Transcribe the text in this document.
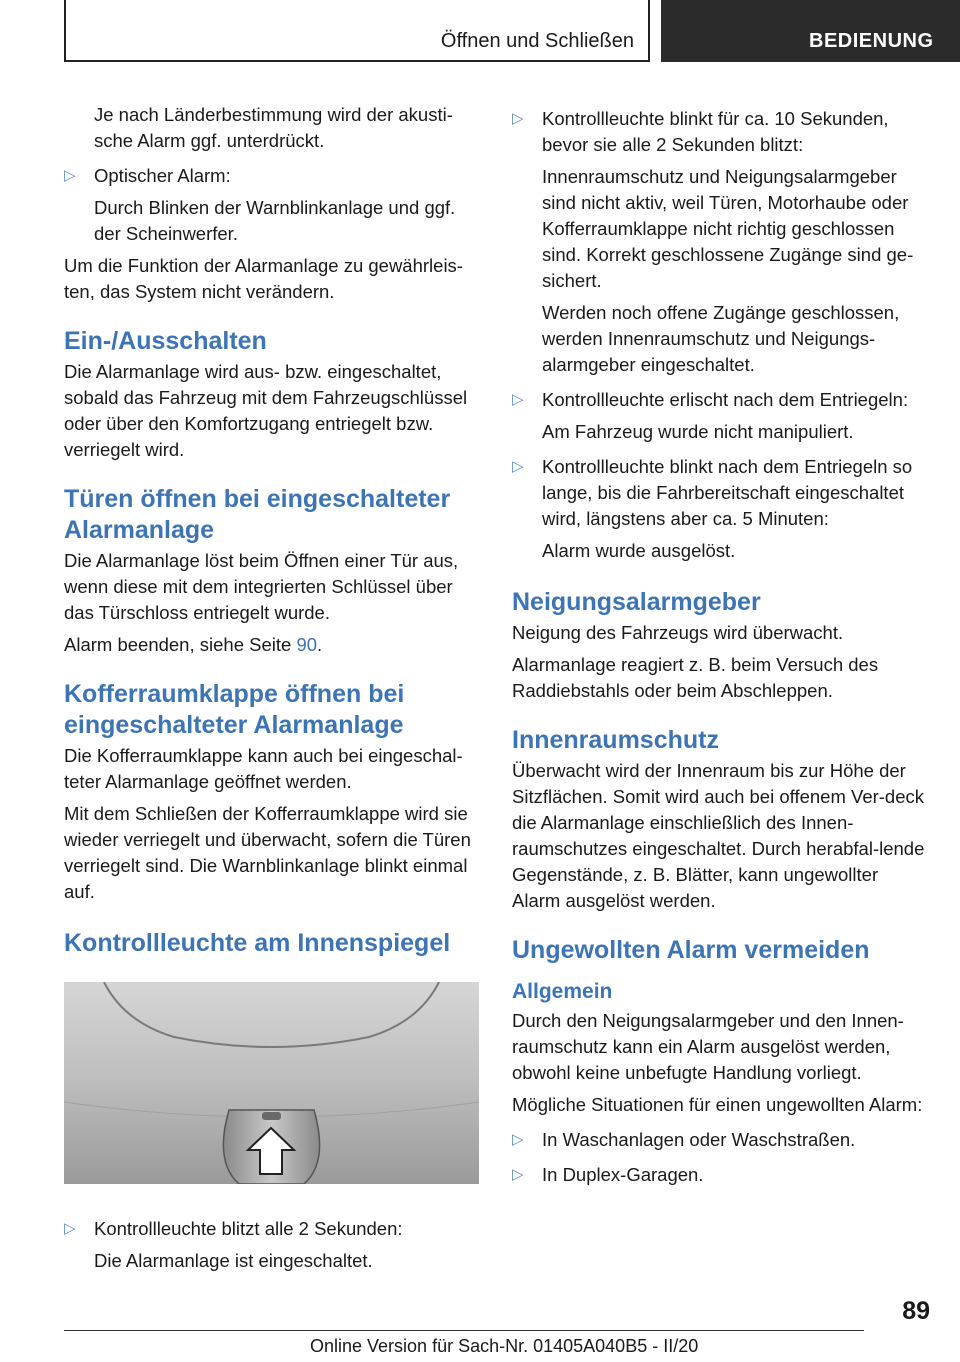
Öffnen und Schließen	BEDIENUNG

Je nach Länderbestimmung wird der akusti-
sche Alarm ggf. unterdrückt.

▷ Optischer Alarm:

Durch Blinken der Warnblinkanlage und ggf. der Scheinwerfer.

Um die Funktion der Alarmanlage zu gewährleis-ten, das System nicht verändern.

Ein-/Ausschalten

Die Alarmanlage wird aus- bzw. eingeschaltet, sobald das Fahrzeug mit dem Fahrzeugschlüssel oder über den Komfortzugang entriegelt bzw. verriegelt wird.

Türen öffnen bei eingeschalteter Alarmanlage

Die Alarmanlage löst beim Öffnen einer Tür aus, wenn diese mit dem integrierten Schlüssel über das Türschloss entriegelt wurde.

Alarm beenden, siehe Seite 90.

Kofferraumklappe öffnen bei eingeschalteter Alarmanlage

Die Kofferraumklappe kann auch bei eingeschal-teter Alarmanlage geöffnet werden.

Mit dem Schließen der Kofferraumklappe wird sie wieder verriegelt und überwacht, sofern die Türen verriegelt sind. Die Warnblinkanlage blinkt einmal auf.

Kontrollleuchte am Innenspiegel

▷ Kontrollleuchte blitzt alle 2 Sekunden:

Die Alarmanlage ist eingeschaltet.

▷ Kontrollleuchte blinkt für ca. 10 Sekunden, bevor sie alle 2 Sekunden blitzt:

Innenraumschutz und Neigungsalarmgeber sind nicht aktiv, weil Türen, Motorhaube oder Kofferraumklappe nicht richtig geschlossen sind. Korrekt geschlossene Zugänge sind ge-sichert.

Werden noch offene Zugänge geschlossen, werden Innenraumschutz und Neigungs-alarmgeber eingeschaltet.

▷ Kontrollleuchte erlischt nach dem Entriegeln:

Am Fahrzeug wurde nicht manipuliert.

▷ Kontrollleuchte blinkt nach dem Entriegeln so lange, bis die Fahrbereitschaft eingeschaltet wird, längstens aber ca. 5 Minuten:

Alarm wurde ausgelöst.

Neigungsalarmgeber

Neigung des Fahrzeugs wird überwacht.

Alarmanlage reagiert z. B. beim Versuch des Raddiebstahls oder beim Abschleppen.

Innenraumschutz

Überwacht wird der Innenraum bis zur Höhe der Sitzflächen. Somit wird auch bei offenem Ver-deck die Alarmanlage einschließlich des Innen-raumschutzes eingeschaltet. Durch herabfal-lende Gegenstände, z. B. Blätter, kann ungewollter Alarm ausgelöst werden.

Ungewollten Alarm vermeiden

Allgemein

Durch den Neigungsalarmgeber und den Innen-raumschutz kann ein Alarm ausgelöst werden, obwohl keine unbefugte Handlung vorliegt.

Mögliche Situationen für einen ungewollten Alarm:

▷ In Waschanlagen oder Waschstraßen.

▷ In Duplex-Garagen.

89
Online Version für Sach-Nr. 01405A040B5 - II/20
